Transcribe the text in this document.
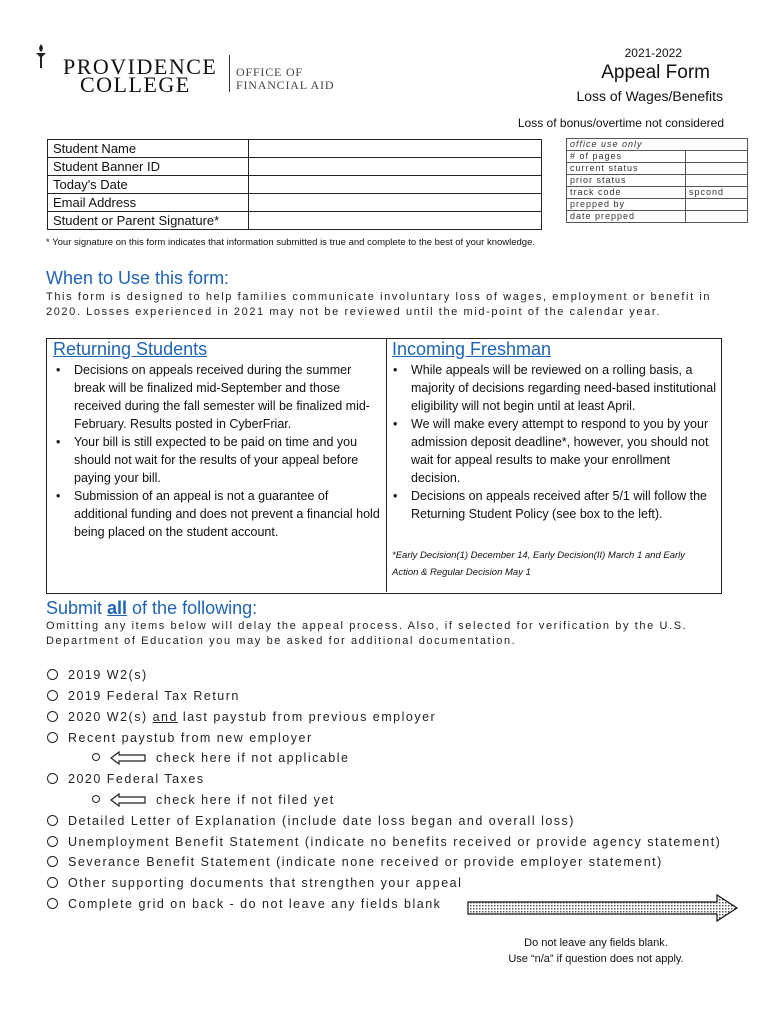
PROVIDENCE
COLLEGE	OFFICE OF
FINANCIAL AID
2021-2022
Appeal Form
Loss of Wages/Benefits
Loss of bonus/overtime not considered
Student Name	
Student Banner ID	
Today's Date	
Email Address	
Student or Parent Signature*	
* Your signature on this form indicates that information submitted is true and complete to the best of your knowledge.
office use only	
# of pages	
current status	
prior status	
track code	spcond
prepped by	
date prepped	
When to Use this form:
This form is designed to help families communicate involuntary loss of wages, employment or benefit in 2020. Losses experienced in 2021 may not be reviewed until the mid-point of the calendar year.
Returning Students	Incoming Freshman
• Decisions on appeals received during the summer break will be finalized mid-September and those received during the fall semester will be finalized mid-February. Results posted in CyberFriar.
• Your bill is still expected to be paid on time and you should not wait for the results of your appeal before paying your bill.
• Submission of an appeal is not a guarantee of additional funding and does not prevent a financial hold being placed on the student account.
• While appeals will be reviewed on a rolling basis, a majority of decisions regarding need-based institutional eligibility will not begin until at least April.
• We will make every attempt to respond to you by your admission deposit deadline*, however, you should not wait for appeal results to make your enrollment decision.
• Decisions on appeals received after 5/1 will follow the Returning Student Policy (see box to the left).
*Early Decision(1) December 14, Early Decision(II) March 1 and Early Action & Regular Decision May 1
Submit all of the following:
Omitting any items below will delay the appeal process. Also, if selected for verification by the U.S. Department of Education you may be asked for additional documentation.
2019 W2(s)
2019 Federal Tax Return
2020 W2(s) and last paystub from previous employer
Recent paystub from new employer
check here if not applicable
2020 Federal Taxes
check here if not filed yet
Detailed Letter of Explanation (include date loss began and overall loss)
Unemployment Benefit Statement (indicate no benefits received or provide agency statement)
Severance Benefit Statement (indicate none received or provide employer statement)
Other supporting documents that strengthen your appeal
Complete grid on back - do not leave any fields blank
Do not leave any fields blank.
Use “n/a” if question does not apply.
